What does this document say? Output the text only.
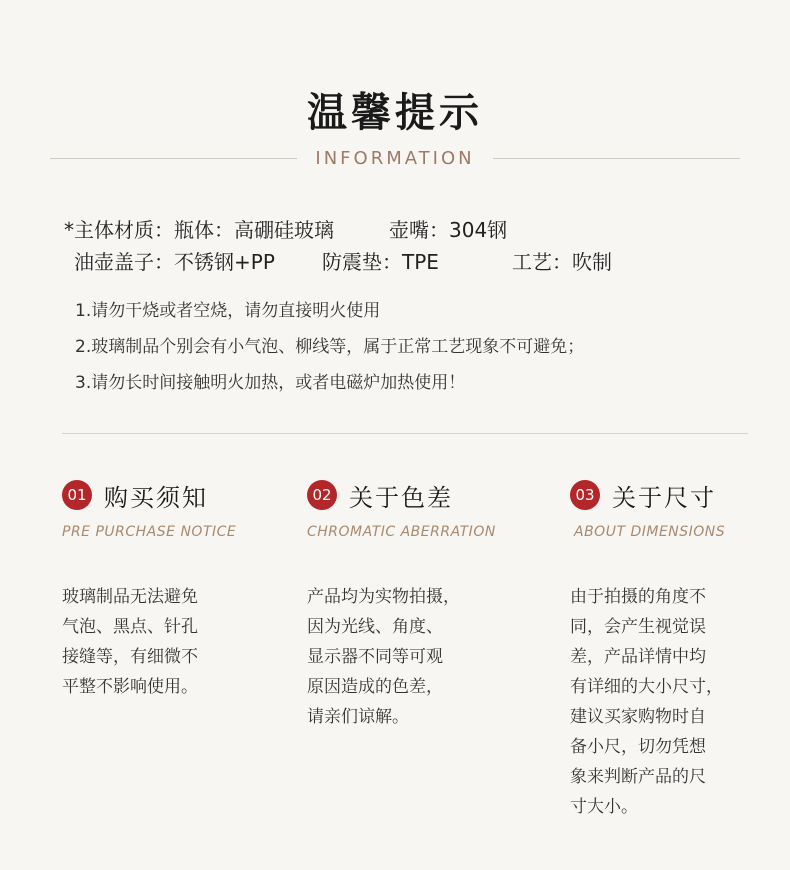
温馨提示
INFORMATION
*主体材质：瓶体：高硼硅玻璃	壶嘴：304钢
油壶盖子：不锈钢+PP 防震垫：TPE	工艺：吹制
1.请勿干烧或者空烧，请勿直接明火使用
2.玻璃制品个别会有小气泡、柳线等，属于正常工艺现象不可避免；
3.请勿长时间接触明火加热，或者电磁炉加热使用！
01 购买须知
PRE PURCHASE NOTICE
玻璃制品无法避免
气泡、黑点、针孔
接缝等，有细微不
平整不影响使用。
02 关于色差
CHROMATIC ABERRATION
产品均为实物拍摄，
因为光线、角度、
显示器不同等可观
原因造成的色差，
请亲们谅解。
03 关于尺寸
ABOUT DIMENSIONS
由于拍摄的角度不
同，会产生视觉误
差，产品详情中均
有详细的大小尺寸，
建议买家购物时自
备小尺，切勿凭想
象来判断产品的尺
寸大小。
